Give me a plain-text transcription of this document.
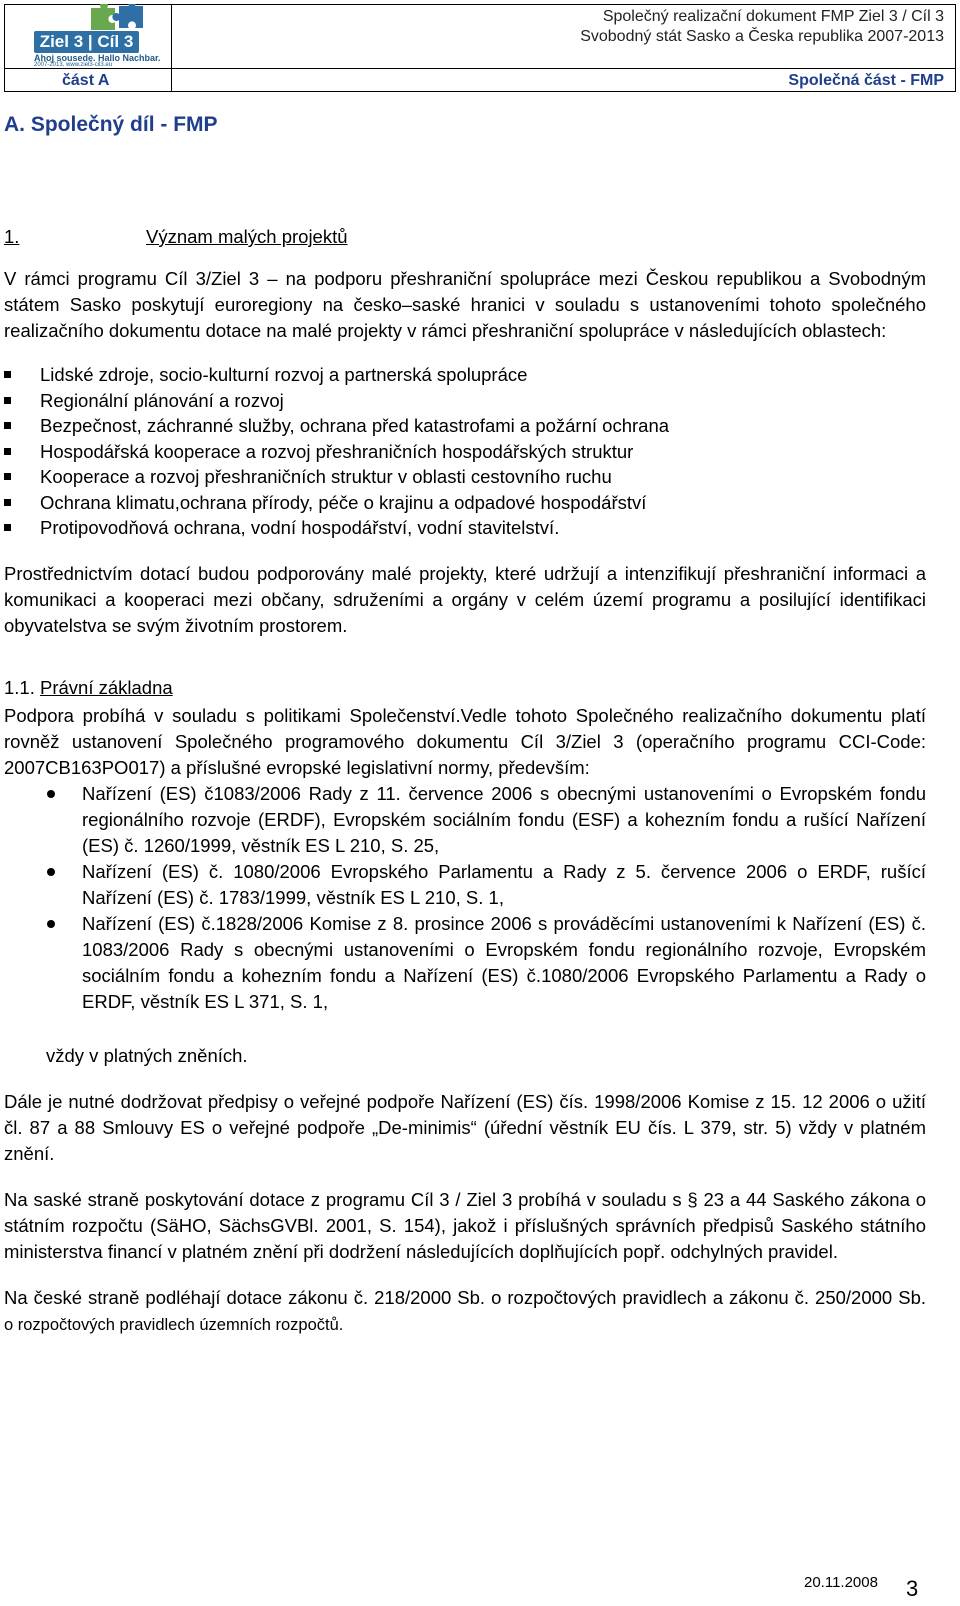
Ziel 3 | Cíl 3
Ahoj sousede. Hallo Nachbar.
2007-2013, www.ziel3-cil3.eu
Společný realizační dokument FMP Ziel 3 / Cíl 3
Svobodný stát Sasko a Česka republika 2007-2013
část A	Společná část - FMP
A. Společný díl - FMP
1.	Význam malých projektů

V rámci programu Cíl 3/Ziel 3 – na podporu přeshraniční spolupráce mezi Českou republikou a Svobodným státem Sasko poskytují euroregiony na česko–saské hranici v souladu s ustanoveními tohoto společného realizačního dokumentu dotace na malé projekty v rámci přeshraniční spolupráce v následujících oblastech:

Lidské zdroje, socio-kulturní rozvoj a partnerská spolupráce
Regionální plánování a rozvoj
Bezpečnost, záchranné služby, ochrana před katastrofami a požární ochrana
Hospodářská kooperace a rozvoj přeshraničních hospodářských struktur
Kooperace a rozvoj přeshraničních struktur v oblasti cestovního ruchu
Ochrana klimatu,ochrana přírody, péče o krajinu a odpadové hospodářství
Protipovodňová ochrana, vodní hospodářství, vodní stavitelství.

Prostřednictvím dotací budou podporovány malé projekty, které udržují a intenzifikují přeshraniční informaci a komunikaci a kooperaci mezi občany, sdruženími a orgány v celém území programu a posilující identifikaci obyvatelstva se svým životním prostorem.

1.1. Právní základna

Podpora probíhá v souladu s politikami Společenství.Vedle tohoto Společného realizačního dokumentu platí rovněž ustanovení Společného programového dokumentu Cíl 3/Ziel 3 (operačního programu CCI-Code: 2007CB163PO017) a příslušné evropské legislativní normy, především:

Nařízení (ES) č1083/2006 Rady z 11. července 2006 s obecnými ustanoveními o Evropském fondu regionálního rozvoje (ERDF), Evropském sociálním fondu (ESF) a kohezním fondu a rušící Nařízení (ES) č. 1260/1999, věstník ES L 210, S. 25,
Nařízení (ES) č. 1080/2006 Evropského Parlamentu a Rady z 5. července 2006 o ERDF, rušící Nařízení (ES) č. 1783/1999, věstník ES L 210, S. 1,
Nařízení (ES) č.1828/2006 Komise z 8. prosince 2006 s prováděcími ustanoveními k Nařízení (ES) č. 1083/2006 Rady s obecnými ustanoveními o Evropském fondu regionálního rozvoje, Evropském sociálním fondu a kohezním fondu a Nařízení (ES) č.1080/2006 Evropského Parlamentu a Rady o ERDF, věstník ES L 371, S. 1,

vždy v platných zněních.

Dále je nutné dodržovat předpisy o veřejné podpoře Nařízení (ES) čís. 1998/2006 Komise z 15. 12 2006 o užití čl. 87 a 88 Smlouvy ES o veřejné podpoře „De-minimis“ (úřední věstník EU čís. L 379, str. 5) vždy v platném znění.

Na saské straně poskytování dotace z programu Cíl 3 / Ziel 3 probíhá v souladu s § 23 a 44 Saského zákona o státním rozpočtu (SäHO, SächsGVBl. 2001, S. 154), jakož i příslušných správních předpisů Saského státního ministerstva financí v platném znění při dodržení následujících doplňujících popř. odchylných pravidel.

Na české straně podléhají dotace zákonu č. 218/2000 Sb. o rozpočtových pravidlech a zákonu č. 250/2000 Sb. o rozpočtových pravidlech územních rozpočtů.

20.11.2008 3
